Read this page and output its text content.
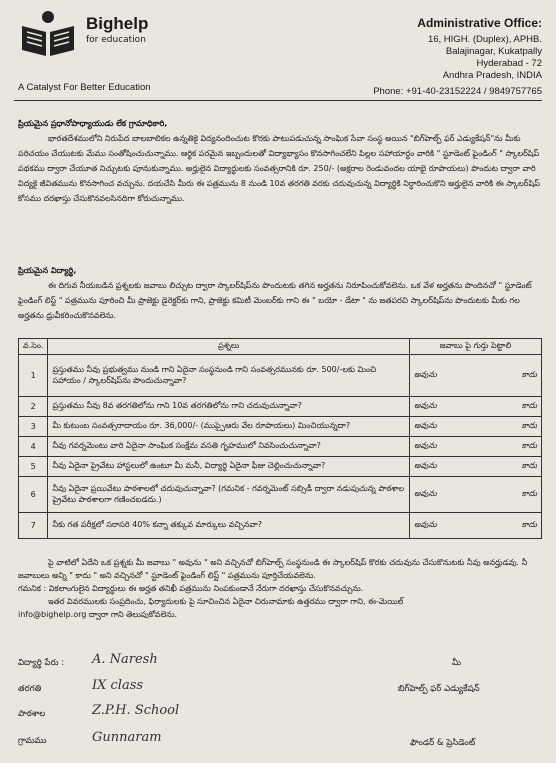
Bighelp
for education
A Catalyst For Better Education
Administrative Office:
16, HIGH. (Duplex), APHB.
Balajinagar, Kukatpally
Hyderabad - 72
Andhra Pradesh, INDIA
Phone: +91-40-23152224 / 9849757765
ప్రియమైన ప్రధానోపాధ్యాయుడు లేక గ్రామాధికారి,
భారతదేశములోని నిరుపేద బాలబాలికల ఉన్నతికై విద్యనందించుట కొరకు పాటుపడుచున్న సాంఘిక సేవా సంస్థ అయిన "బిగ్‌హెల్ప్ ఫర్ ఎడ్యుకేషన్"ను మీకు పరిచయం చేయుటకు మేము సంతోషించుచున్నాము. ఆర్థిక పరమైన ఇబ్బందులతో విద్యాభ్యాసం కొనసాగించలేని పిల్లల సహాయార్థం వారికి " స్టూడెంట్ ఫైండింగ్ " స్కాలర్‌షిప్ పథకము ద్వారా చేయూత నిచ్చుటకు పూనుకున్నాము. అర్హులైన విద్యార్థులకు సంవత్సరానికి రూ. 250/- (అక్షరాల రెండువందల యాభై రూపాయలు) పొందుట ద్వారా వారి విద్యకై జీవితమును కొనసాగించ వచ్చును. దయచేసి మీరు ఈ పత్రమును 8 నుండి 10వ తరగతి వరకు చదువుచున్న విద్యార్థికి నిర్ధారించుకొని అర్హులైన వారికి ఈ స్కాలర్‌షిప్ కోసము దరఖాస్తు చేసుకొనవలసినదిగా కోరుచున్నాము.
ప్రియమైన విద్యార్థి,
ఈ దిగువ నీయబడిన ప్రశ్నలకు జవాబు లిచ్చుట ద్వారా స్కాలర్‌షిప్‌ను పొందుటకు తగిన అర్హతను నిరూపించుకోవలెను. ఒక వేళ అర్హతను పొందినచో " స్టూడెంట్ ఫైండింగ్ లిస్ట్ " పత్రమును పూరించి మీ ప్రాజెక్టు డైరెక్టర్‌కు గాని, ప్రాజెక్టు కమిటీ మెంబర్‌కు గాని ఈ " బయో - డేటా " ను జతపరచి స్కాలర్‌షిప్‌ను పొందుటకు మీకు గల అర్హతను ధ్రువీకరించుకొనవలెను.
వ.సెం.	ప్రశ్నలు	జవాబు పై గుర్తు పెట్టాలి
1	ప్రస్తుతము నీవు ప్రభుత్వము నుండి గాని ఏదైనా సంస్థనుండి గాని సంవత్సరమునకు రూ. 500/-లకు మించి సహాయం / స్కాలర్‌షిప్‌ను పొందుచున్నావా?	అవును కాదు

2	ప్రస్తుతము నీవు 8వ తరగతిలోను గాని 10వ తరగతిలోను గాని చదువుచున్నావా?	అవును కాదు

3	మీ కుటుంబ సంవత్సరాదాయం రూ. 36,000/- (ముప్పైఆరు వేల రూపాయలు) మించియున్నదా?	అవును కాదు

4	నీవు గవర్నమెంటు వారి ఏదైనా సాంఘిక సంక్షేమ వసతి గృహములో నివసించుచున్నావా?	అవును కాదు

5	నీవు ఏదైనా ప్రైవేటు హాస్టలులో ఉంటూ మీ మనీ, విద్యార్థి ఏదైనా ఫీజు చెల్లించుచున్నావా?	అవును కాదు

6	నీవు ఏదైనా ప్రయివేటు పాఠశాలలో చదువుచున్నావా? (గమనిక - గవర్నమెంట్ సబ్సిడీ ద్వారా నడుపుచున్న పాఠశాల ప్రైవేటు పాఠశాలగా గణించబడదు.)	అవును కాదు

7	నీకు గత పరీక్షలో సరాసరి 40% కన్నా తక్కువ మార్కులు వచ్చినవా?	అవును కాదు
పై వాటిలో ఏదేని ఒక ప్రశ్నకు మీ జవాబు " అవును " అని వచ్చినచో బిగ్‌హెల్ప్ సంస్థనుండి ఈ స్కాలర్‌షిప్ కొరకు చదువును చేసుకొనుటకు నీవు అనర్హుడవు. నీ జవాబులు అన్ని " కాదు " అని వచ్చినచో " స్టూడెంట్ ఫైండింగ్ లిస్ట్ " పత్రమును పూర్తిచేయవలెను.
గమనిక : వికలాంగులైన విద్యార్థులు ఈ అర్హత తనిఖీ పత్రమును నింపకుండానే నేరుగా దరఖాస్తు చేసుకొనవచ్చును.
ఇతర వివరములకు సంప్రదించు, ఫిర్యాదులకు పై సూచించిన ఏదైనా చిరునామాకు ఉత్తరము ద్వారా గాని, ఈ-మెయిల్
info@bighelp.org ద్వారా గాని తెలుపుకోవలెను.
విద్యార్థి పేరు : A. Naresh
తరగతి	IX class
పాఠశాల	Z.P.H. School
గ్రామము	Gunnaram
మీ
బిగ్‌హెల్ప్ ఫర్ ఎడ్యుకేషన్
ఫౌండర్ & ప్రెసిడెంట్
